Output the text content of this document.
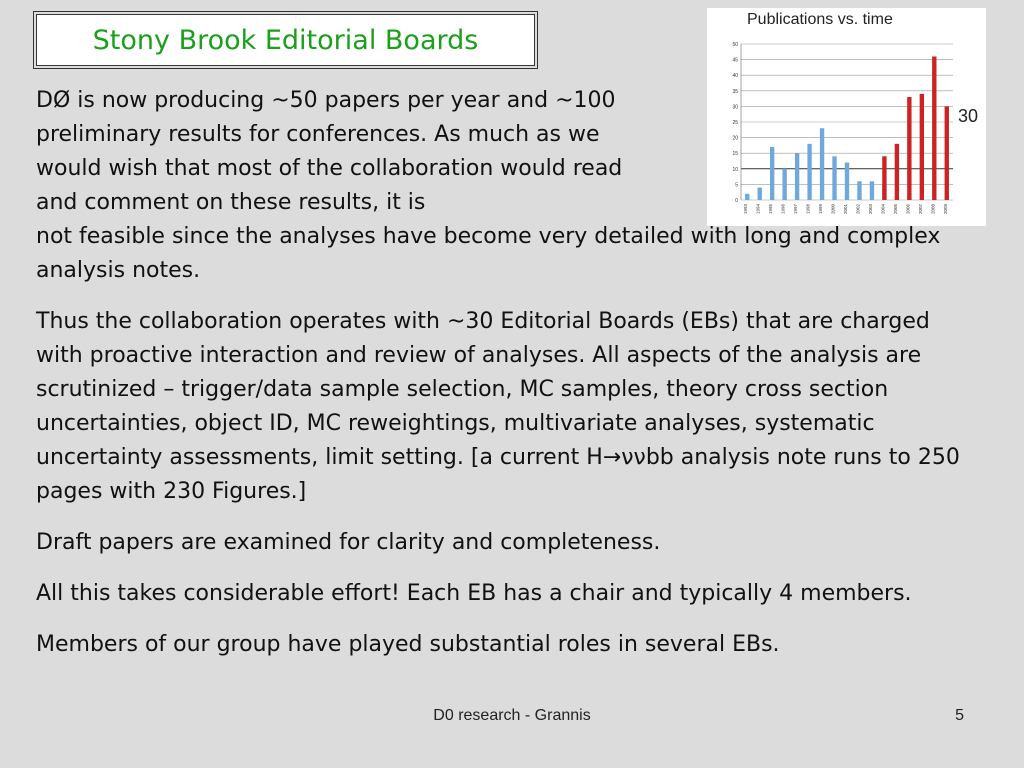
Stony Brook Editorial Boards
Publications vs. time
0
5
10
15
20
25
30
35
40
45
50
1993 1994 1995 1996 1997 1998 1999 2000 2001 2002 2003 2004 2005 2006 2007 2008 2009
30

DØ is now producing ~50 papers per year and ~100 preliminary results for conferences. As much as we would wish that most of the collaboration would read and comment on these results, it is
not feasible since the analyses have become very detailed with long and complex analysis notes.

Thus the collaboration operates with ~30 Editorial Boards (EBs) that are charged with proactive interaction and review of analyses. All aspects of the analysis are scrutinized – trigger/data sample selection, MC samples, theory cross section uncertainties, object ID, MC reweightings, multivariate analyses, systematic uncertainty assessments, limit setting. [a current H→ννbb analysis note runs to 250 pages with 230 Figures.]

Draft papers are examined for clarity and completeness.

All this takes considerable effort! Each EB has a chair and typically 4 members.

Members of our group have played substantial roles in several EBs.

D0 research - Grannis	5
